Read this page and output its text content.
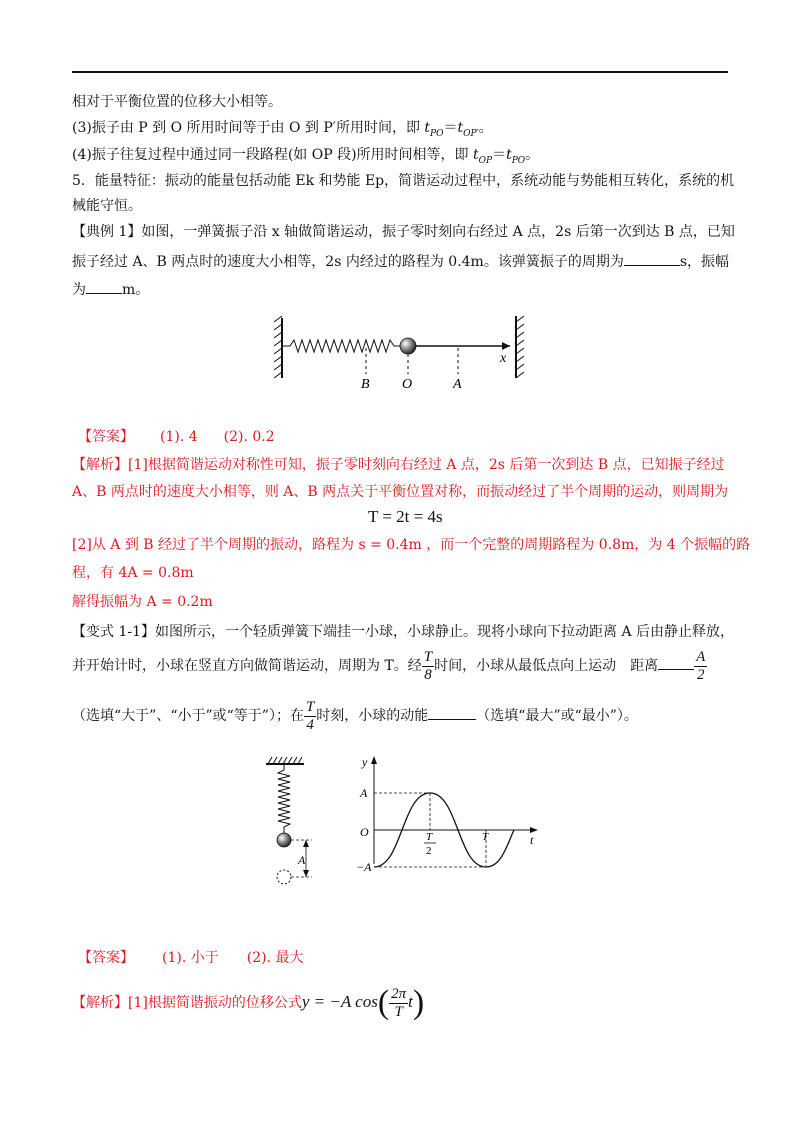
相对于平衡位置的位移大小相等。
(3)振子由 P 到 O 所用时间等于由 O 到 P′所用时间，即 $t_{PO}=t_{OP'}$。
(4)振子往复过程中通过同一段路程(如 OP 段)所用时间相等，即 $t_{OP}=t_{PO}$。
5．能量特征：振动的能量包括动能 Ek 和势能 Ep，简谐运动过程中，系统动能与势能相互转化，系统的机
械能守恒。
【典例 1】如图，一弹簧振子沿 x 轴做简谐运动，振子零时刻向右经过 A 点，2s 后第一次到达 B 点，已知
振子经过 A、B 两点时的速度大小相等，2s 内经过的路程为 0.4m。该弹簧振子的周期为	s，振幅
为	m。
x
B O	A
【答案】 (1). 4 (2). 0.2
【解析】[1]根据简谐运动对称性可知，振子零时刻向右经过 A 点，2s 后第一次到达 B 点，已知振子经过
A、B 两点时的速度大小相等，则 A、B 两点关于平衡位置对称，而振动经过了半个周期的运动，则周期为
T = 2t = 4s
[2]从 A 到 B 经过了半个周期的振动，路程为 s = 0.4m ，而一个完整的周期路程为 0.8m，为 4 个振幅的路
程，有 4A = 0.8m
解得振幅为 A = 0.2m
【变式 1-1】如图所示，一个轻质弹簧下端挂一小球，小球静止。现将小球向下拉动距离 A 后由静止释放，
并开始计时，小球在竖直方向做简谐运动，周期为 T。经 $\frac{T}{8}$ 时间，小球从最低点向上运动　距离 $\frac{A}{2}$
（选填“大于”、“小于”或“等于”）；在 $\frac{T}{4}$ 时刻，小球的动能	（选填“最大”或“最小”）。
A
y
t
A
−A
O	T
2
T
【答案】 (1). 小于 (2). 最大
【解析】[1]根据简谐振动的位移公式y = −A $\cos( \frac{2\pi}{T} t)$
